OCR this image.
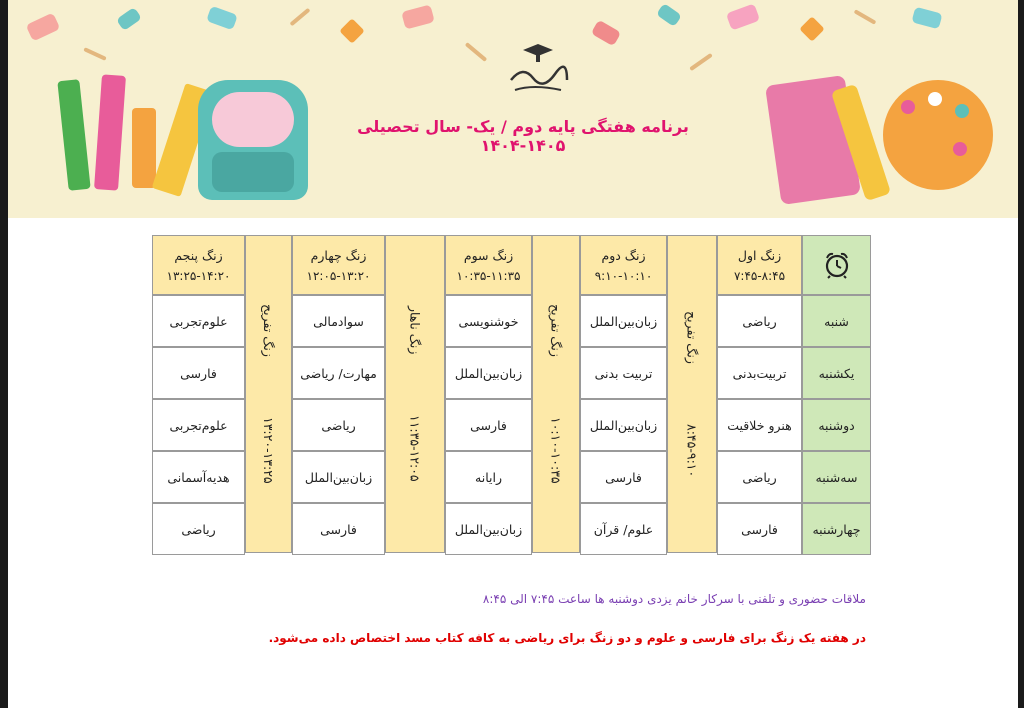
برنامه هفتگی پایه دوم / یک- سال تحصیلی ۱۴۰۵-۱۴۰۴
زنگ اول
۷:۴۵-۸:۴۵
زنگ دوم
۹:۱۰-۱۰:۱۰
زنگ سوم
۱۰:۳۵-۱۱:۳۵
زنگ چهارم
۱۲:۰۵-۱۳:۲۰
زنگ پنجم
۱۳:۲۵-۱۴:۲۰
زنگ تفریح
۸:۴۵-۹:۱۰
زنگ تفریح
۱۰:۱۰-۱۰:۳۵
زنگ ناهار
۱۱:۳۵-۱۲:۰۵
زنگ تفریح
۱۳:۲۰-۱۳:۲۵
شنبه
ریاضی
زبان‌بین‌الملل
خوشنویسی
سوادمالی
علوم‌تجربی
یکشنبه
تربیت‌بدنی
تربیت بدنی
زبان‌بین‌الملل
مهارت/ ریاضی
فارسی
دوشنبه
هنرو خلاقیت
زبان‌بین‌الملل
فارسی
ریاضی
علوم‌تجربی
سه‌شنبه
ریاضی
فارسی
رایانه
زبان‌بین‌الملل
هدیه‌آسمانی
چهارشنبه
فارسی
علوم/ قرآن
زبان‌بین‌الملل
فارسی
ریاضی
ملاقات حضوری و تلفنی با سرکار خانم یزدی دوشنبه ها ساعت ۷:۴۵ الی ۸:۴۵
در هفته یک زنگ برای فارسی و علوم و دو زنگ برای ریاضی به کافه کتاب مسد اختصاص داده می‌شود.
